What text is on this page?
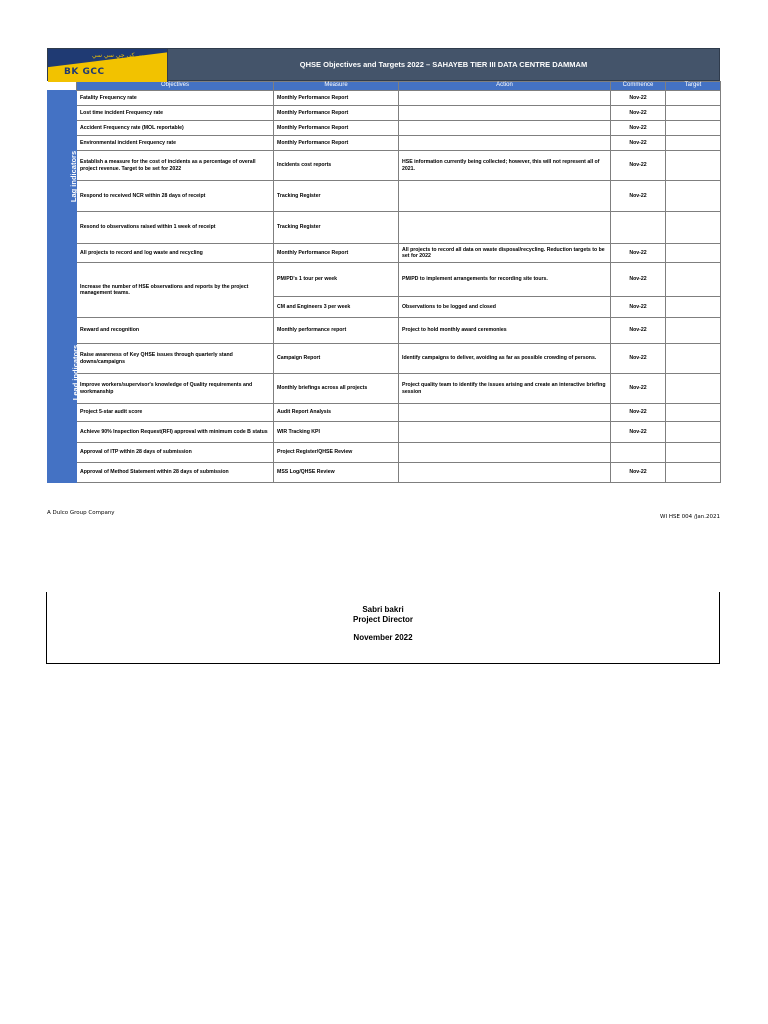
بي كي جي سي سي
BK GCC
QHSE Objectives and Targets 2022 – SAHAYEB TIER III DATA CENTRE DAMMAM
	Objectives	Measure	Action	Commence	Target
Lag indicators	Fatality Frequency rate	Monthly Performance Report		Nov-22	
	Lost time incident Frequency rate	Monthly Performance Report		Nov-22	
	Accident Frequency rate (MOL reportable)	Monthly Performance Report		Nov-22	
	Environmental incident Frequency rate	Monthly Performance Report		Nov-22	
	Establish a measure for the cost of incidents as a percentage of overall project revenue. Target to be set for 2022	Incidents cost reports	HSE information currently being collected; however, this will not represent all of 2021.	Nov-22	
	Respond to received NCR within 28 days of receipt	Tracking Register		Nov-22	
	Resond to observations raised within 1 week of receipt	Tracking Register			
	All projects to record and log waste and recycling	Monthly Performance Report	All projects to record all data on waste disposal/recycling. Reduction targets to be set for 2022	Nov-22	
Lead indicators	Increase the number of HSE observations and reports by the project management teams.	PM/PD's 1 tour per week	PM/PD to implement arrangements for recording site tours.	Nov-22	
		CM and Engineers 3 per week	Observations to be logged and closed	Nov-22	
	Reward and recognition	Monthly performance report	Project to hold monthly award ceremonies	Nov-22	
	Raise awareness of Key QHSE issues through quarterly stand downs/campaigns	Campaign Report	Identify campaigns to deliver, avoiding as far as possible crowding of persons.	Nov-22	
	Improve workers/supervisor's knowledge of Quality requirements and workmanship	Monthly briefings across all projects	Project quality team to identify the issues arising and create an interactive briefing session	Nov-22	
	Project 5-star audit score	Audit Report Analysis		Nov-22	
	Achieve 90% Inspection Request(RFI) approval with minimum code B status	WIR Tracking KPI		Nov-22	
	Approval of ITP within 28 days of submission	Project Register/QHSE Review			
	Approval of Method Statement within 28 days of submission	MSS Log/QHSE Review		Nov-22	
A Dulco Group Company
WI HSE 004 /Jan.2021
Sabri bakri
Project Director
November 2022
